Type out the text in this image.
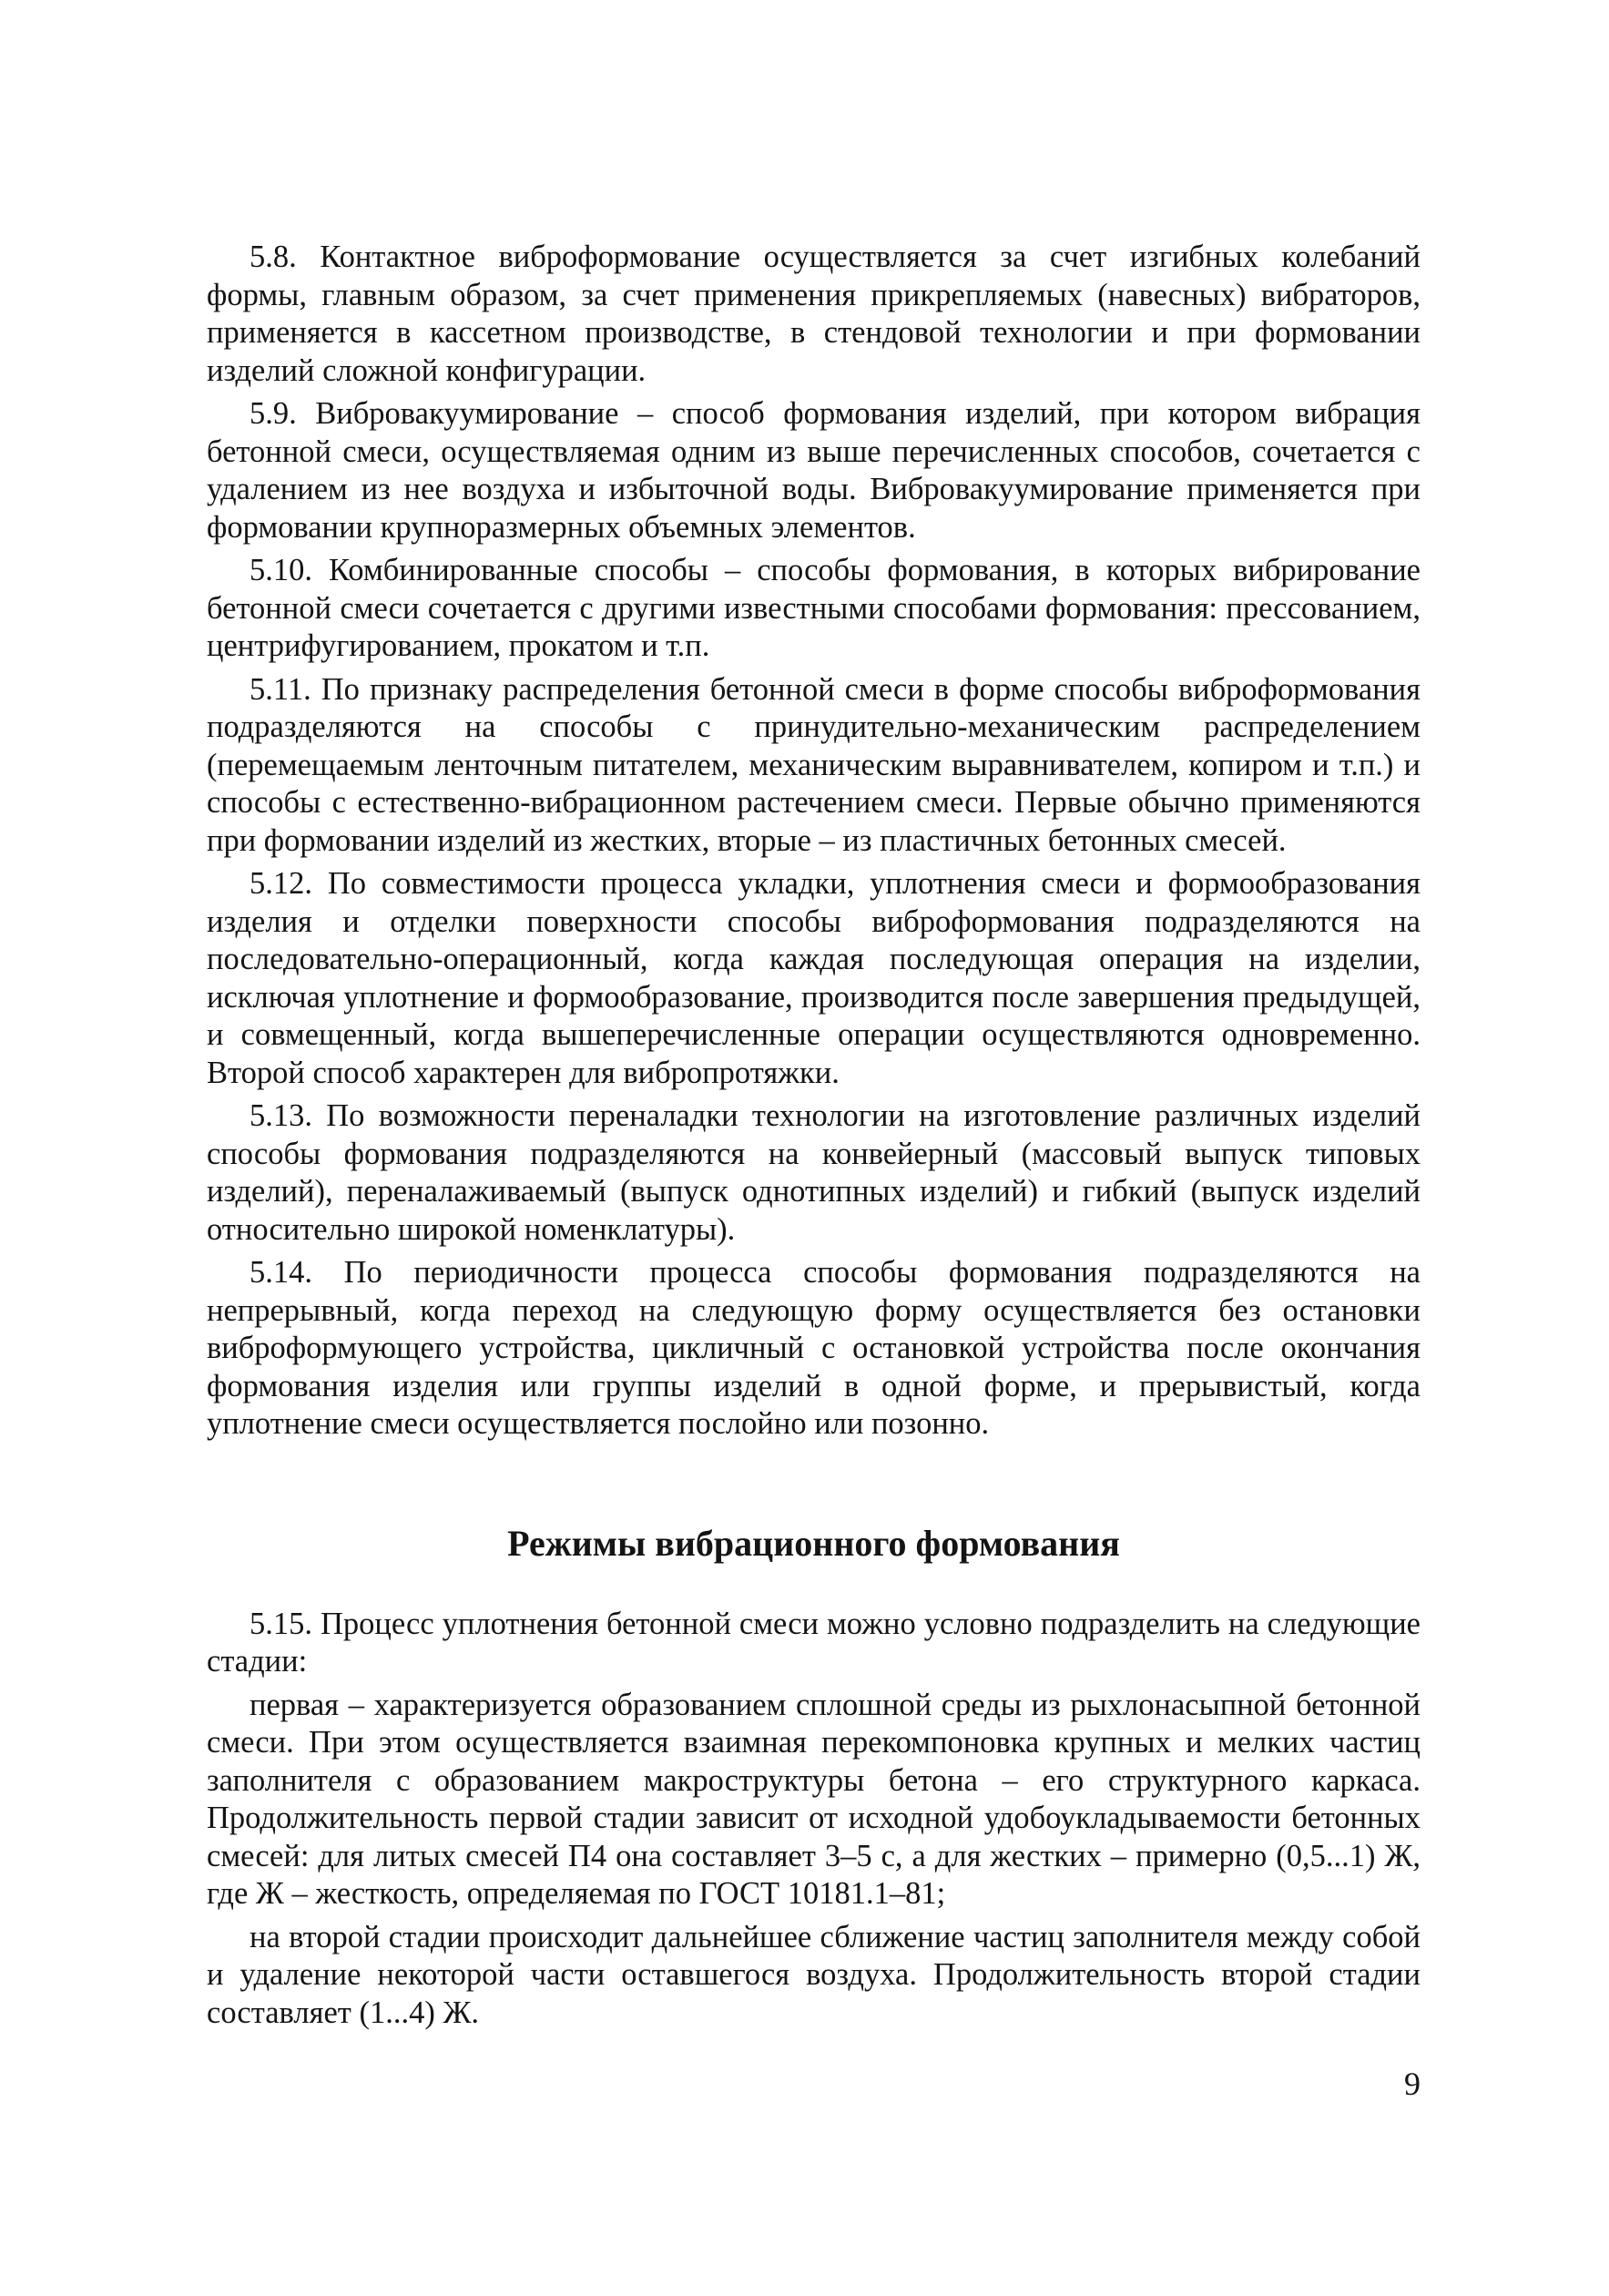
5.8. Контактное виброформование осуществляется за счет изгибных колебаний формы, главным образом, за счет применения прикрепляемых (навесных) вибраторов, применяется в кассетном производстве, в стендовой технологии и при формовании изделий сложной конфигурации.

5.9. Вибровакуумирование – способ формования изделий, при котором вибрация бетонной смеси, осуществляемая одним из выше перечисленных способов, сочетается с удалением из нее воздуха и избыточной воды. Вибровакуумирование применяется при формовании крупноразмерных объемных элементов.

5.10. Комбинированные способы – способы формования, в которых вибрирование бетонной смеси сочетается с другими известными способами формования: прессованием, центрифугированием, прокатом и т.п.

5.11. По признаку распределения бетонной смеси в форме способы виброформования подразделяются на способы с принудительно-механическим распределением (перемещаемым ленточным питателем, механическим выравнивателем, копиром и т.п.) и способы с естественно-вибрационном растечением смеси. Первые обычно применяются при формовании изделий из жестких, вторые – из пластичных бетонных смесей.

5.12. По совместимости процесса укладки, уплотнения смеси и формообразования изделия и отделки поверхности способы виброформования подразделяются на последовательно-операционный, когда каждая последующая операция на изделии, исключая уплотнение и формообразование, производится после завершения предыдущей, и совмещенный, когда вышеперечисленные операции осуществляются одновременно. Второй способ характерен для вибропротяжки.

5.13. По возможности переналадки технологии на изготовление различных изделий способы формования подразделяются на конвейерный (массовый выпуск типовых изделий), переналаживаемый (выпуск однотипных изделий) и гибкий (выпуск изделий относительно широкой номенклатуры).

5.14. По периодичности процесса способы формования подразделяются на непрерывный, когда переход на следующую форму осуществляется без остановки виброформующего устройства, цикличный с остановкой устройства после окончания формования изделия или группы изделий в одной форме, и прерывистый, когда уплотнение смеси осуществляется послойно или позонно.

Режимы вибрационного формования

5.15. Процесс уплотнения бетонной смеси можно условно подразделить на следующие стадии:

первая – характеризуется образованием сплошной среды из рыхлонасыпной бетонной смеси. При этом осуществляется взаимная перекомпоновка крупных и мелких частиц заполнителя с образованием макроструктуры бетона – его структурного каркаса. Продолжительность первой стадии зависит от исходной удобоукладываемости бетонных смесей: для литых смесей П4 она составляет 3–5 с, а для жестких – примерно (0,5...1) Ж, где Ж – жесткость, определяемая по ГОСТ 10181.1–81;

на второй стадии происходит дальнейшее сближение частиц заполнителя между собой и удаление некоторой части оставшегося воздуха. Продолжительность второй стадии составляет (1...4) Ж.

9
